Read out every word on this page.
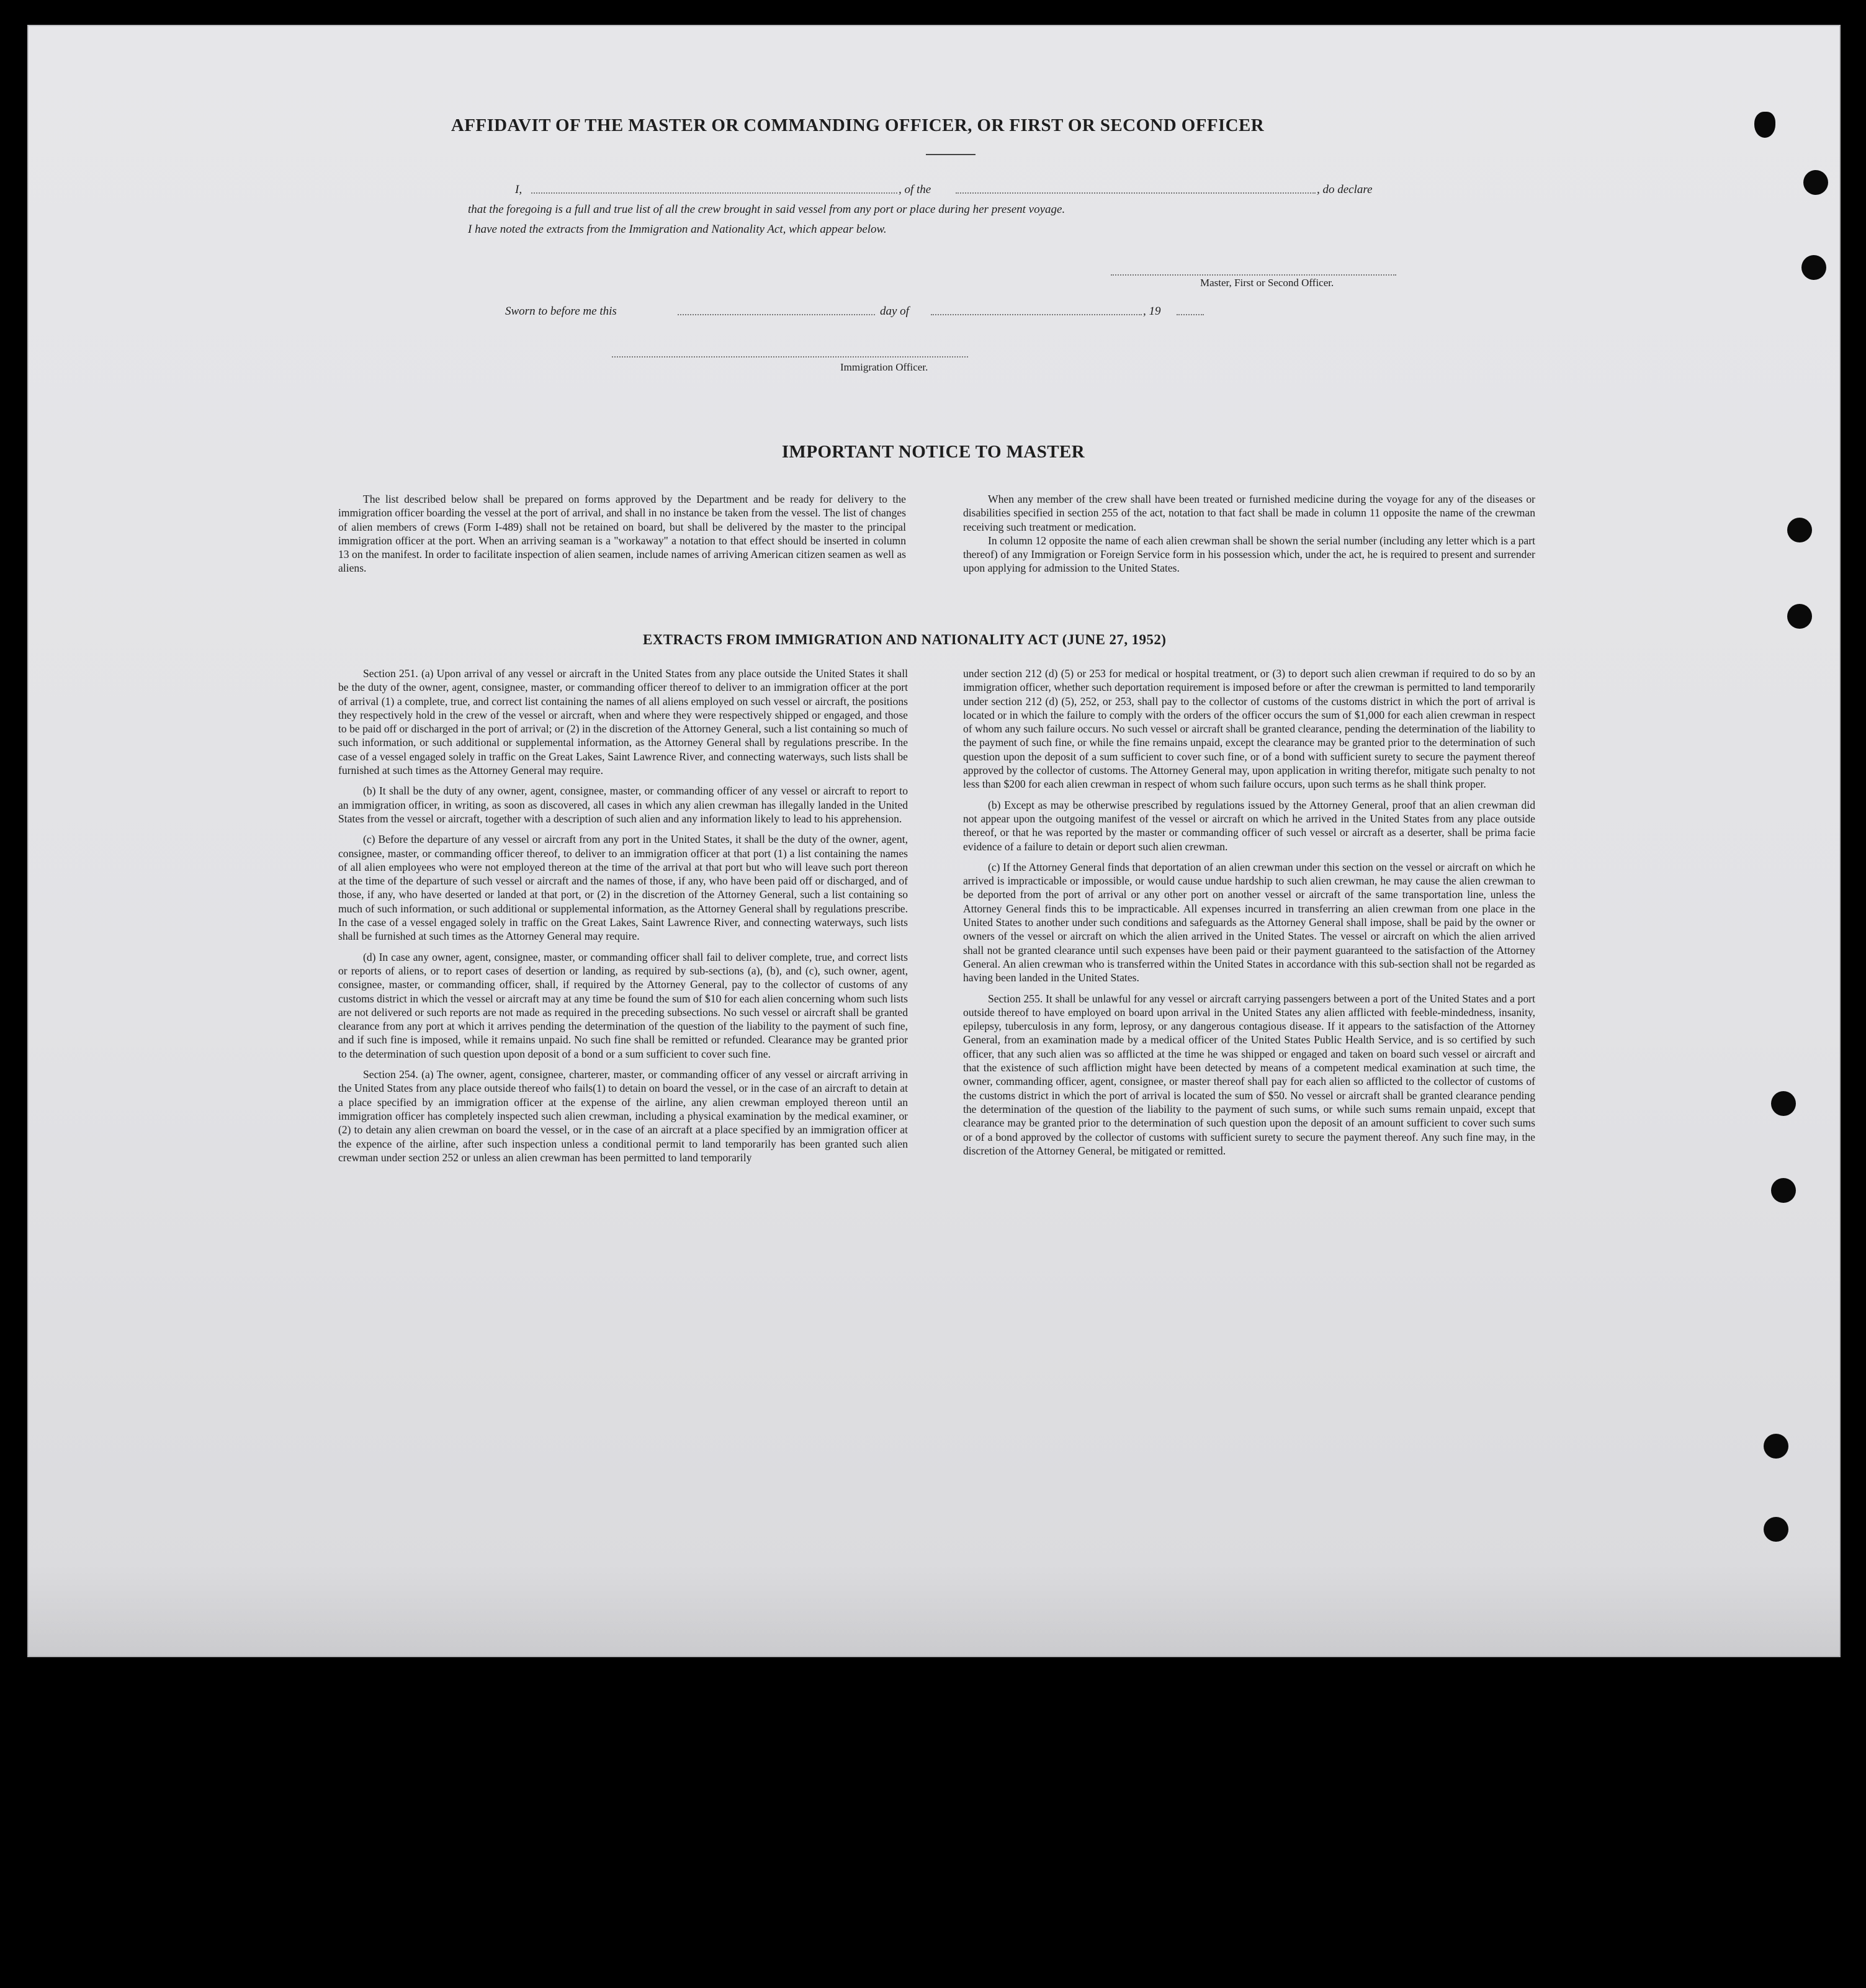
AFFIDAVIT OF THE MASTER OR COMMANDING OFFICER, OR FIRST OR SECOND OFFICER
I,	, of the	, do declare
that the foregoing is a full and true list of all the crew brought in said vessel from any port or place during her present voyage.
I have noted the extracts from the Immigration and Nationality Act, which appear below.
Master, First or Second Officer.
Sworn to before me this	day of	, 19
Immigration Officer.
IMPORTANT NOTICE TO MASTER

The list described below shall be prepared on forms approved by the Department and be ready for delivery to the immigration officer boarding the vessel at the port of arrival, and shall in no instance be taken from the vessel. The list of changes of alien members of crews (Form I-489) shall not be retained on board, but shall be delivered by the master to the principal immigration officer at the port. When an arriving seaman is a "workaway" a notation to that effect should be inserted in column 13 on the manifest. In order to facilitate inspection of alien seamen, include names of arriving American citizen seamen as well as aliens.

When any member of the crew shall have been treated or furnished medicine during the voyage for any of the diseases or disabilities specified in section 255 of the act, notation to that fact shall be made in column 11 opposite the name of the crewman receiving such treatment or medication.

In column 12 opposite the name of each alien crewman shall be shown the serial number (including any letter which is a part thereof) of any Immigration or Foreign Service form in his possession which, under the act, he is required to present and surrender upon applying for admission to the United States.

EXTRACTS FROM IMMIGRATION AND NATIONALITY ACT (JUNE 27, 1952)

Section 251. (a) Upon arrival of any vessel or aircraft in the United States from any place outside the United States it shall be the duty of the owner, agent, consignee, master, or commanding officer thereof to deliver to an immigration officer at the port of arrival (1) a complete, true, and correct list containing the names of all aliens employed on such vessel or aircraft, the positions they respectively hold in the crew of the vessel or aircraft, when and where they were respectively shipped or engaged, and those to be paid off or discharged in the port of arrival; or (2) in the discretion of the Attorney General, such a list containing so much of such information, or such additional or supplemental information, as the Attorney General shall by regulations prescribe. In the case of a vessel engaged solely in traffic on the Great Lakes, Saint Lawrence River, and connecting waterways, such lists shall be furnished at such times as the Attorney General may require.

(b) It shall be the duty of any owner, agent, consignee, master, or commanding officer of any vessel or aircraft to report to an immigration officer, in writing, as soon as discovered, all cases in which any alien crewman has illegally landed in the United States from the vessel or aircraft, together with a description of such alien and any information likely to lead to his apprehension.

(c) Before the departure of any vessel or aircraft from any port in the United States, it shall be the duty of the owner, agent, consignee, master, or commanding officer thereof, to deliver to an immigration officer at that port (1) a list containing the names of all alien employees who were not employed thereon at the time of the arrival at that port but who will leave such port thereon at the time of the departure of such vessel or aircraft and the names of those, if any, who have been paid off or discharged, and of those, if any, who have deserted or landed at that port, or (2) in the discretion of the Attorney General, such a list containing so much of such information, or such additional or supplemental information, as the Attorney General shall by regulations prescribe. In the case of a vessel engaged solely in traffic on the Great Lakes, Saint Lawrence River, and connecting waterways, such lists shall be furnished at such times as the Attorney General may require.

(d) In case any owner, agent, consignee, master, or commanding officer shall fail to deliver complete, true, and correct lists or reports of aliens, or to report cases of desertion or landing, as required by sub-sections (a), (b), and (c), such owner, agent, consignee, master, or commanding officer, shall, if required by the Attorney General, pay to the collector of customs of any customs district in which the vessel or aircraft may at any time be found the sum of $10 for each alien concerning whom such lists are not delivered or such reports are not made as required in the preceding subsections. No such vessel or aircraft shall be granted clearance from any port at which it arrives pending the determination of the question of the liability to the payment of such fine, and if such fine is imposed, while it remains unpaid. No such fine shall be remitted or refunded. Clearance may be granted prior to the determination of such question upon deposit of a bond or a sum sufficient to cover such fine.

Section 254. (a) The owner, agent, consignee, charterer, master, or commanding officer of any vessel or aircraft arriving in the United States from any place outside thereof who fails(1) to detain on board the vessel, or in the case of an aircraft to detain at a place specified by an immigration officer at the expense of the airline, any alien crewman employed thereon until an immigration officer has completely inspected such alien crewman, including a physical examination by the medical examiner, or (2) to detain any alien crewman on board the vessel, or in the case of an aircraft at a place specified by an immigration officer at the expence of the airline, after such inspection unless a conditional permit to land temporarily has been granted such alien crewman under section 252 or unless an alien crewman has been permitted to land temporarily

under section 212 (d) (5) or 253 for medical or hospital treatment, or (3) to deport such alien crewman if required to do so by an immigration officer, whether such deportation requirement is imposed before or after the crewman is permitted to land temporarily under section 212 (d) (5), 252, or 253, shall pay to the collector of customs of the customs district in which the port of arrival is located or in which the failure to comply with the orders of the officer occurs the sum of $1,000 for each alien crewman in respect of whom any such failure occurs. No such vessel or aircraft shall be granted clearance, pending the determination of the liability to the payment of such fine, or while the fine remains unpaid, except the clearance may be granted prior to the determination of such question upon the deposit of a sum sufficient to cover such fine, or of a bond with sufficient surety to secure the payment thereof approved by the collector of customs. The Attorney General may, upon application in writing therefor, mitigate such penalty to not less than $200 for each alien crewman in respect of whom such failure occurs, upon such terms as he shall think proper.

(b) Except as may be otherwise prescribed by regulations issued by the Attorney General, proof that an alien crewman did not appear upon the outgoing manifest of the vessel or aircraft on which he arrived in the United States from any place outside thereof, or that he was reported by the master or commanding officer of such vessel or aircraft as a deserter, shall be prima facie evidence of a failure to detain or deport such alien crewman.

(c) If the Attorney General finds that deportation of an alien crewman under this section on the vessel or aircraft on which he arrived is impracticable or impossible, or would cause undue hardship to such alien crewman, he may cause the alien crewman to be deported from the port of arrival or any other port on another vessel or aircraft of the same transportation line, unless the Attorney General finds this to be impracticable. All expenses incurred in transferring an alien crewman from one place in the United States to another under such conditions and safeguards as the Attorney General shall impose, shall be paid by the owner or owners of the vessel or aircraft on which the alien arrived in the United States. The vessel or aircraft on which the alien arrived shall not be granted clearance until such expenses have been paid or their payment guaranteed to the satisfaction of the Attorney General. An alien crewman who is transferred within the United States in accordance with this sub-section shall not be regarded as having been landed in the United States.

Section 255. It shall be unlawful for any vessel or aircraft carrying passengers between a port of the United States and a port outside thereof to have employed on board upon arrival in the United States any alien afflicted with feeble-mindedness, insanity, epilepsy, tuberculosis in any form, leprosy, or any dangerous contagious disease. If it appears to the satisfaction of the Attorney General, from an examination made by a medical officer of the United States Public Health Service, and is so certified by such officer, that any such alien was so afflicted at the time he was shipped or engaged and taken on board such vessel or aircraft and that the existence of such affliction might have been detected by means of a competent medical examination at such time, the owner, commanding officer, agent, consignee, or master thereof shall pay for each alien so afflicted to the collector of customs of the customs district in which the port of arrival is located the sum of $50. No vessel or aircraft shall be granted clearance pending the determination of the question of the liability to the payment of such sums, or while such sums remain unpaid, except that clearance may be granted prior to the determination of such question upon the deposit of an amount sufficient to cover such sums or of a bond approved by the collector of customs with sufficient surety to secure the payment thereof. Any such fine may, in the discretion of the Attorney General, be mitigated or remitted.
